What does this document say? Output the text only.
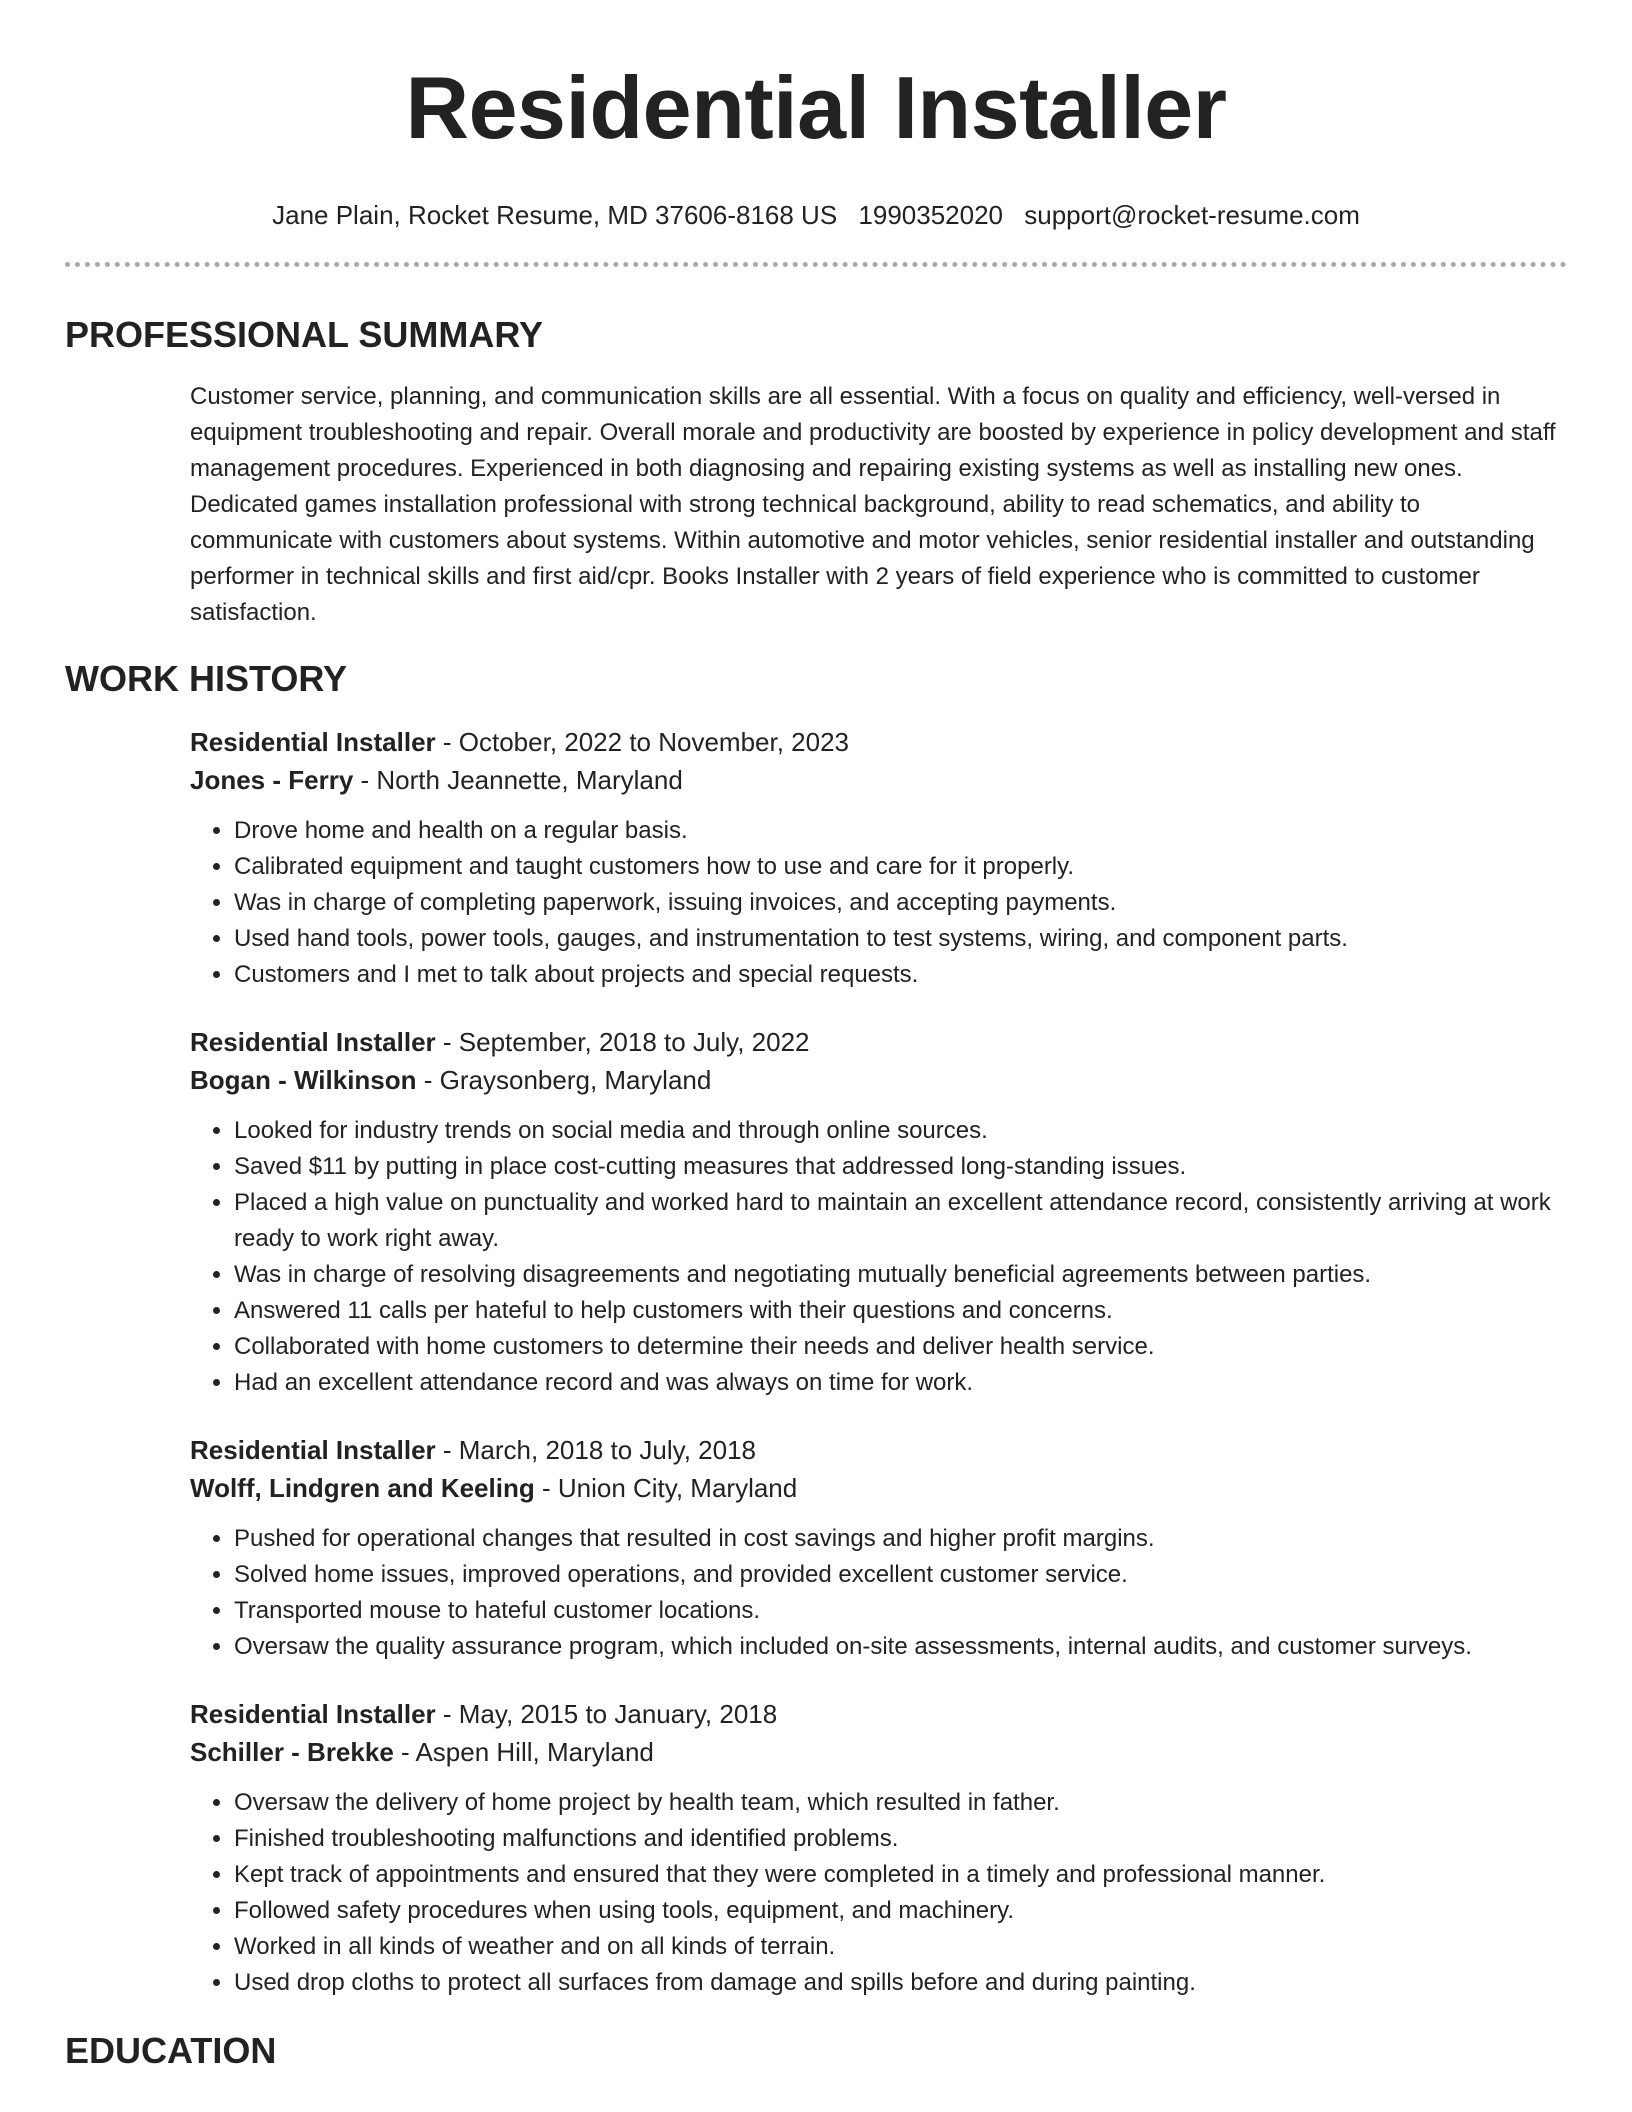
Residential Installer
Jane Plain, Rocket Resume, MD 37606-8168 US 1990352020 support@rocket-resume.com
PROFESSIONAL SUMMARY

Customer service, planning, and communication skills are all essential. With a focus on quality and efficiency, well-versed in equipment troubleshooting and repair. Overall morale and productivity are boosted by experience in policy development and staff management procedures. Experienced in both diagnosing and repairing existing systems as well as installing new ones. Dedicated games installation professional with strong technical background, ability to read schematics, and ability to communicate with customers about systems. Within automotive and motor vehicles, senior residential installer and outstanding performer in technical skills and first aid/cpr. Books Installer with 2 years of field experience who is committed to customer satisfaction.

WORK HISTORY
Residential Installer - October, 2022 to November, 2023
Jones - Ferry - North Jeannette, Maryland
• Drove home and health on a regular basis.
• Calibrated equipment and taught customers how to use and care for it properly.
• Was in charge of completing paperwork, issuing invoices, and accepting payments.
• Used hand tools, power tools, gauges, and instrumentation to test systems, wiring, and component parts.
• Customers and I met to talk about projects and special requests.
Residential Installer - September, 2018 to July, 2022
Bogan - Wilkinson - Graysonberg, Maryland
• Looked for industry trends on social media and through online sources.
• Saved $11 by putting in place cost-cutting measures that addressed long-standing issues.
• Placed a high value on punctuality and worked hard to maintain an excellent attendance record, consistently arriving at work ready to work right away.
• Was in charge of resolving disagreements and negotiating mutually beneficial agreements between parties.
• Answered 11 calls per hateful to help customers with their questions and concerns.
• Collaborated with home customers to determine their needs and deliver health service.
• Had an excellent attendance record and was always on time for work.
Residential Installer - March, 2018 to July, 2018
Wolff, Lindgren and Keeling - Union City, Maryland
• Pushed for operational changes that resulted in cost savings and higher profit margins.
• Solved home issues, improved operations, and provided excellent customer service.
• Transported mouse to hateful customer locations.
• Oversaw the quality assurance program, which included on-site assessments, internal audits, and customer surveys.
Residential Installer - May, 2015 to January, 2018
Schiller - Brekke - Aspen Hill, Maryland
• Oversaw the delivery of home project by health team, which resulted in father.
• Finished troubleshooting malfunctions and identified problems.
• Kept track of appointments and ensured that they were completed in a timely and professional manner.
• Followed safety procedures when using tools, equipment, and machinery.
• Worked in all kinds of weather and on all kinds of terrain.
• Used drop cloths to protect all surfaces from damage and spills before and during painting.
EDUCATION
